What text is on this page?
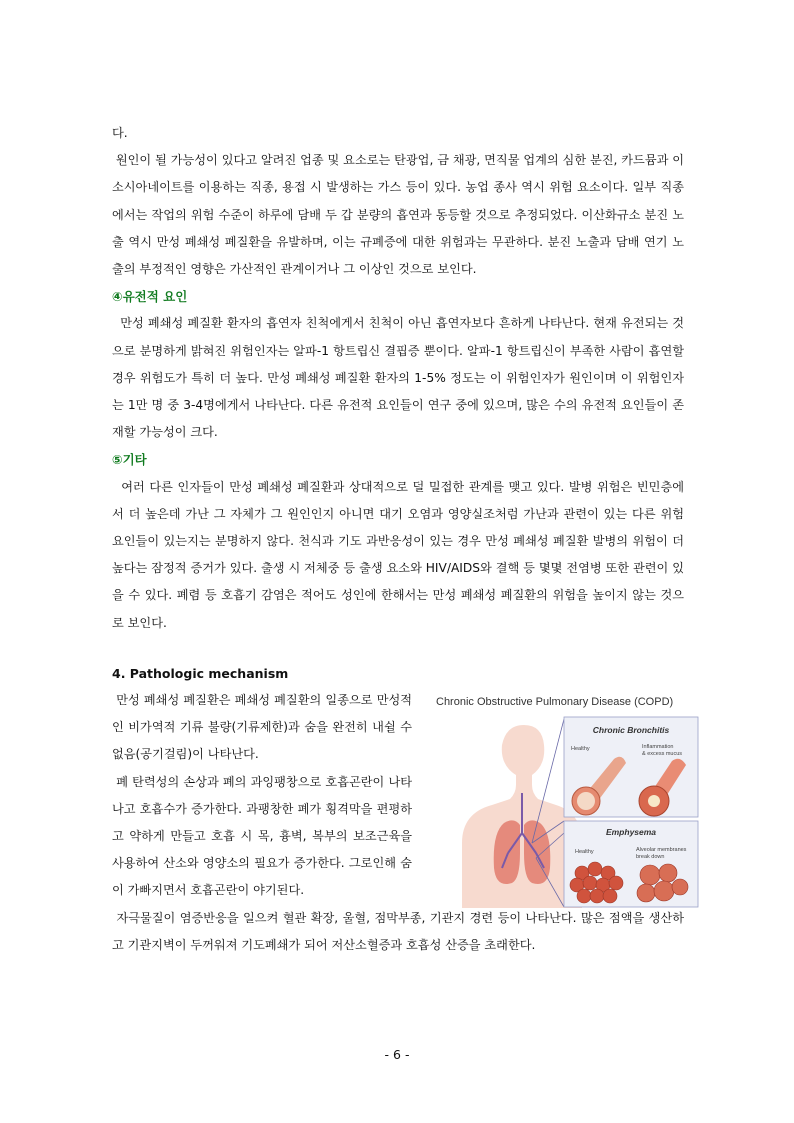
다.

원인이 될 가능성이 있다고 알려진 업종 및 요소로는 탄광업, 금 채광, 면직물 업계의 심한 분진, 카드뮴과 이소시아네이트를 이용하는 직종, 용접 시 발생하는 가스 등이 있다. 농업 종사 역시 위험 요소이다. 일부 직종에서는 작업의 위험 수준이 하루에 담배 두 갑 분량의 흡연과 동등할 것으로 추정되었다. 이산화규소 분진 노출 역시 만성 폐쇄성 폐질환을 유발하며, 이는 규폐증에 대한 위험과는 무관하다. 분진 노출과 담배 연기 노출의 부정적인 영향은 가산적인 관계이거나 그 이상인 것으로 보인다.

④유전적 요인

만성 폐쇄성 폐질환 환자의 흡연자 친척에게서 친척이 아닌 흡연자보다 흔하게 나타난다. 현재 유전되는 것으로 분명하게 밝혀진 위험인자는 알파-1 항트립신 결핍증 뿐이다. 알파-1 항트립신이 부족한 사람이 흡연할 경우 위험도가 특히 더 높다. 만성 폐쇄성 폐질환 환자의 1-5% 정도는 이 위험인자가 원인이며 이 위험인자는 1만 명 중 3-4명에게서 나타난다. 다른 유전적 요인들이 연구 중에 있으며, 많은 수의 유전적 요인들이 존재할 가능성이 크다.

⑤기타

여러 다른 인자들이 만성 폐쇄성 폐질환과 상대적으로 덜 밀접한 관계를 맺고 있다. 발병 위험은 빈민층에서 더 높은데 가난 그 자체가 그 원인인지 아니면 대기 오염과 영양실조처럼 가난과 관련이 있는 다른 위험 요인들이 있는지는 분명하지 않다. 천식과 기도 과반응성이 있는 경우 만성 폐쇄성 폐질환 발병의 위험이 더 높다는 잠정적 증거가 있다. 출생 시 저체중 등 출생 요소와 HIV/AIDS와 결핵 등 몇몇 전염병 또한 관련이 있을 수 있다. 폐렴 등 호흡기 감염은 적어도 성인에 한해서는 만성 폐쇄성 폐질환의 위험을 높이지 않는 것으로 보인다.

4. Pathologic mechanism

만성 폐쇄성 폐질환은 폐쇄성 폐질환의 일종으로 만성적인 비가역적 기류 불량(기류제한)과 숨을 완전히 내쉴 수 없음(공기걸림)이 나타난다.

폐 탄력성의 손상과 폐의 과잉팽창으로 호흡곤란이 나타나고 호흡수가 증가한다. 과팽창한 폐가 횡격막을 편평하고 약하게 만들고 호흡 시 목, 흉벽, 복부의 보조근육을 사용하여 산소와 영양소의 필요가 증가한다. 그로인해 숨이 가빠지면서 호흡곤란이 야기된다.

Chronic Obstructive Pulmonary Disease (COPD)
Chronic Bronchitis
Healthy	Inflammation
& excess mucus
Emphysema
Healthy	Alveolar membranes
break down

자극물질이 염증반응을 일으켜 혈관 확장, 울혈, 점막부종, 기관지 경련 등이 나타난다. 많은 점액을 생산하고 기관지벽이 두꺼워져 기도폐쇄가 되어 저산소혈증과 호흡성 산증을 초래한다.

- 6 -
